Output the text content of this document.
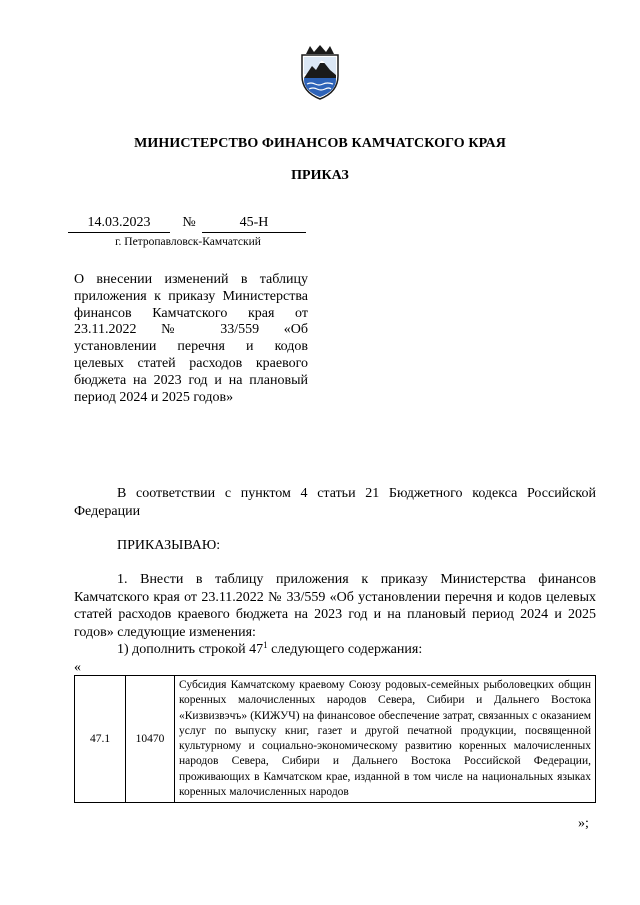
МИНИСТЕРСТВО ФИНАНСОВ КАМЧАТСКОГО КРАЯ
ПРИКАЗ
14.03.2023	№	45-Н
г. Петропавловск-Камчатский
О внесении изменений в таблицу приложения к приказу Министерства финансов Камчатского края от 23.11.2022 № 33/559 «Об установлении перечня и кодов целевых статей расходов краевого бюджета на 2023 год и на плановый период 2024 и 2025 годов»
В соответствии с пунктом 4 статьи 21 Бюджетного кодекса Российской Федерации
ПРИКАЗЫВАЮ:
1. Внести в таблицу приложения к приказу Министерства финансов Камчатского края от 23.11.2022 № 33/559 «Об установлении перечня и кодов целевых статей расходов краевого бюджета на 2023 год и на плановый период 2024 и 2025 годов» следующие изменения:
1) дополнить строкой $47^1$ следующего содержания:
«
47.1	10470	Субсидия Камчатскому краевому Союзу родовых-семейных рыболовецких общин коренных малочисленных народов Севера, Сибири и Дальнего Востока «Кизвизвэчъ» (КИЖУЧ) на финансовое обеспечение затрат, связанных с оказанием услуг по выпуску книг, газет и другой печатной продукции, посвященной культурному и социально-экономическому развитию коренных малочисленных народов Севера, Сибири и Дальнего Востока Российской Федерации, проживающих в Камчатском крае, изданной в том числе на национальных языках коренных малочисленных народов
»;
